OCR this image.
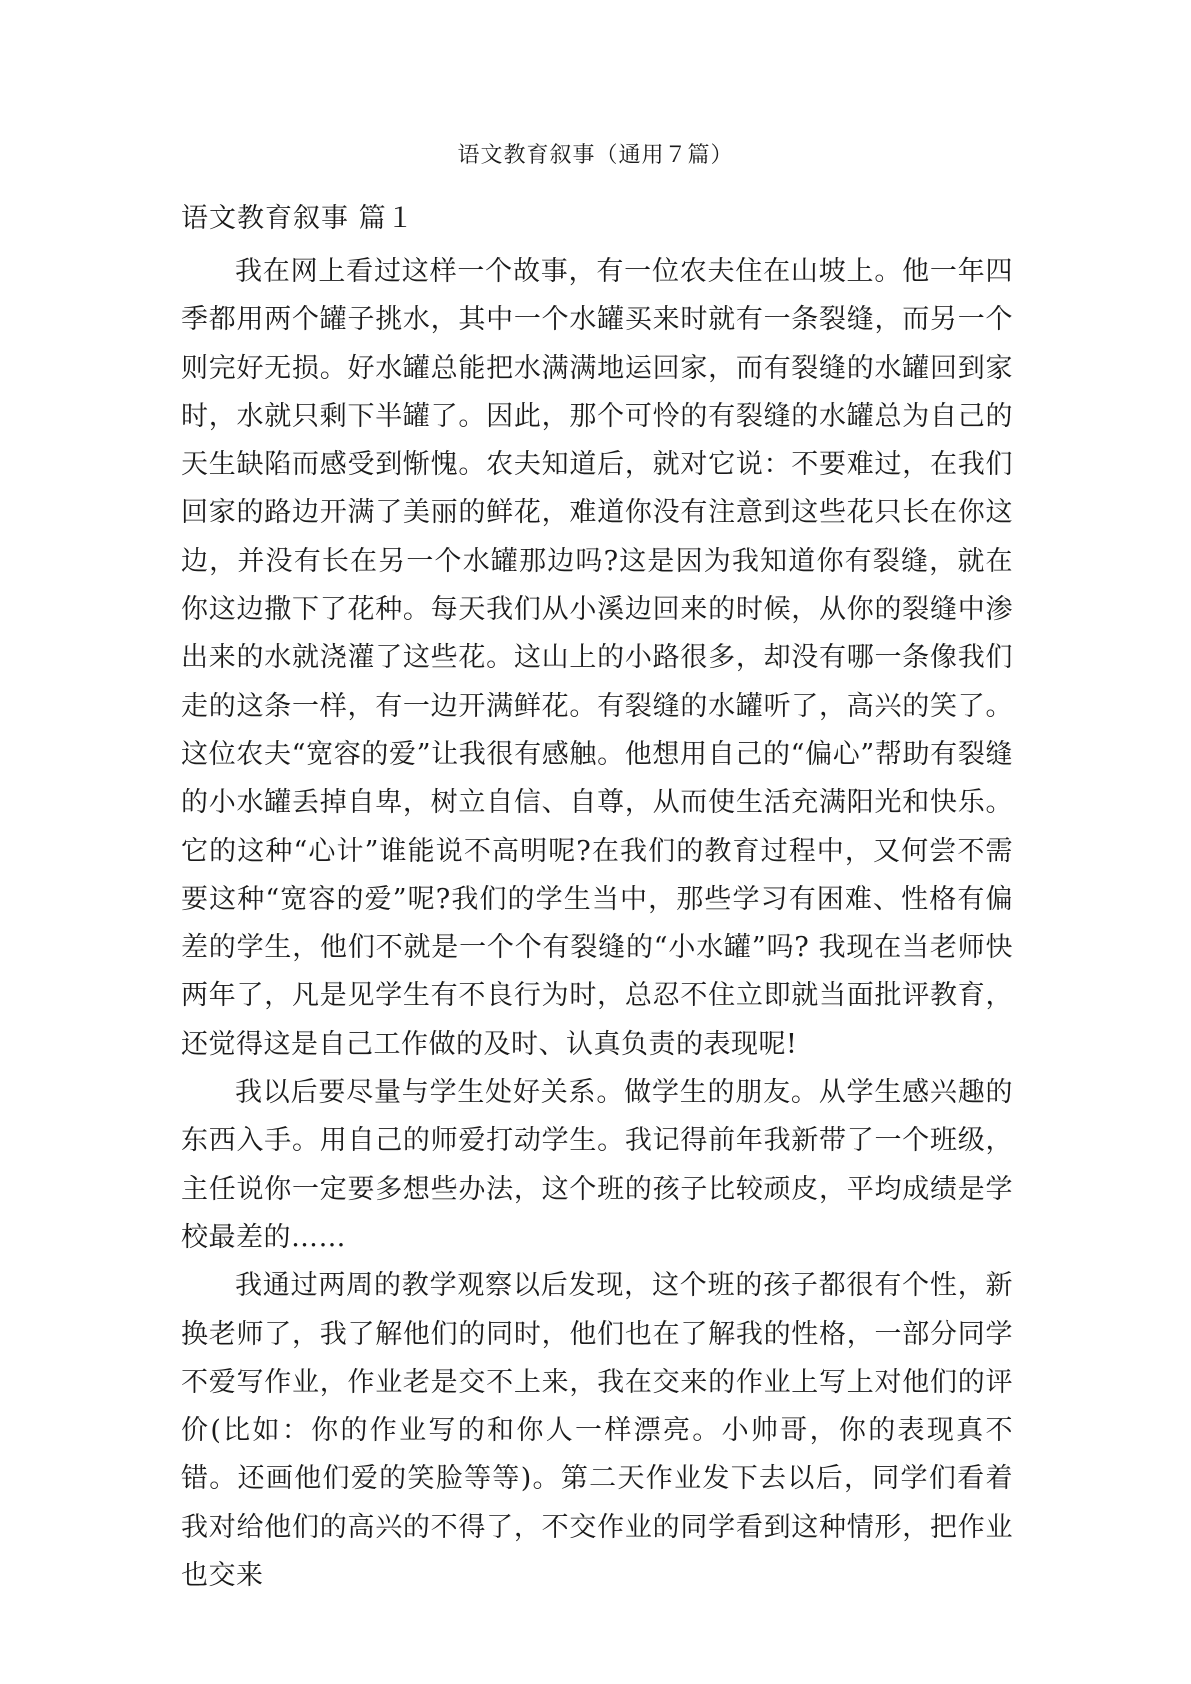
语文教育叙事（通用７篇）
语文教育叙事 篇１

我在网上看过这样一个故事，有一位农夫住在山坡上。他一年四季都用两个罐子挑水，其中一个水罐买来时就有一条裂缝，而另一个则完好无损。好水罐总能把水满满地运回家，而有裂缝的水罐回到家时，水就只剩下半罐了。因此，那个可怜的有裂缝的水罐总为自己的天生缺陷而感受到惭愧。农夫知道后，就对它说：不要难过，在我们回家的路边开满了美丽的鲜花，难道你没有注意到这些花只长在你这边，并没有长在另一个水罐那边吗?这是因为我知道你有裂缝，就在你这边撒下了花种。每天我们从小溪边回来的时候，从你的裂缝中渗出来的水就浇灌了这些花。这山上的小路很多，却没有哪一条像我们走的这条一样，有一边开满鲜花。有裂缝的水罐听了，高兴的笑了。这位农夫“宽容的爱”让我很有感触。他想用自己的“偏心”帮助有裂缝的小水罐丢掉自卑，树立自信、自尊，从而使生活充满阳光和快乐。它的这种“心计”谁能说不高明呢?在我们的教育过程中，又何尝不需要这种“宽容的爱”呢?我们的学生当中，那些学习有困难、性格有偏差的学生，他们不就是一个个有裂缝的“小水罐”吗? 我现在当老师快两年了，凡是见学生有不良行为时，总忍不住立即就当面批评教育，还觉得这是自己工作做的及时、认真负责的表现呢!

我以后要尽量与学生处好关系。做学生的朋友。从学生感兴趣的东西入手。用自己的师爱打动学生。我记得前年我新带了一个班级，主任说你一定要多想些办法，这个班的孩子比较顽皮，平均成绩是学校最差的……

我通过两周的教学观察以后发现，这个班的孩子都很有个性，新换老师了，我了解他们的同时，他们也在了解我的性格，一部分同学不爱写作业，作业老是交不上来，我在交来的作业上写上对他们的评价(比如：你的作业写的和你人一样漂亮。小帅哥，你的表现真不错。还画他们爱的笑脸等等)。第二天作业发下去以后，同学们看着我对给他们的高兴的不得了，不交作业的同学看到这种情形，把作业也交来
